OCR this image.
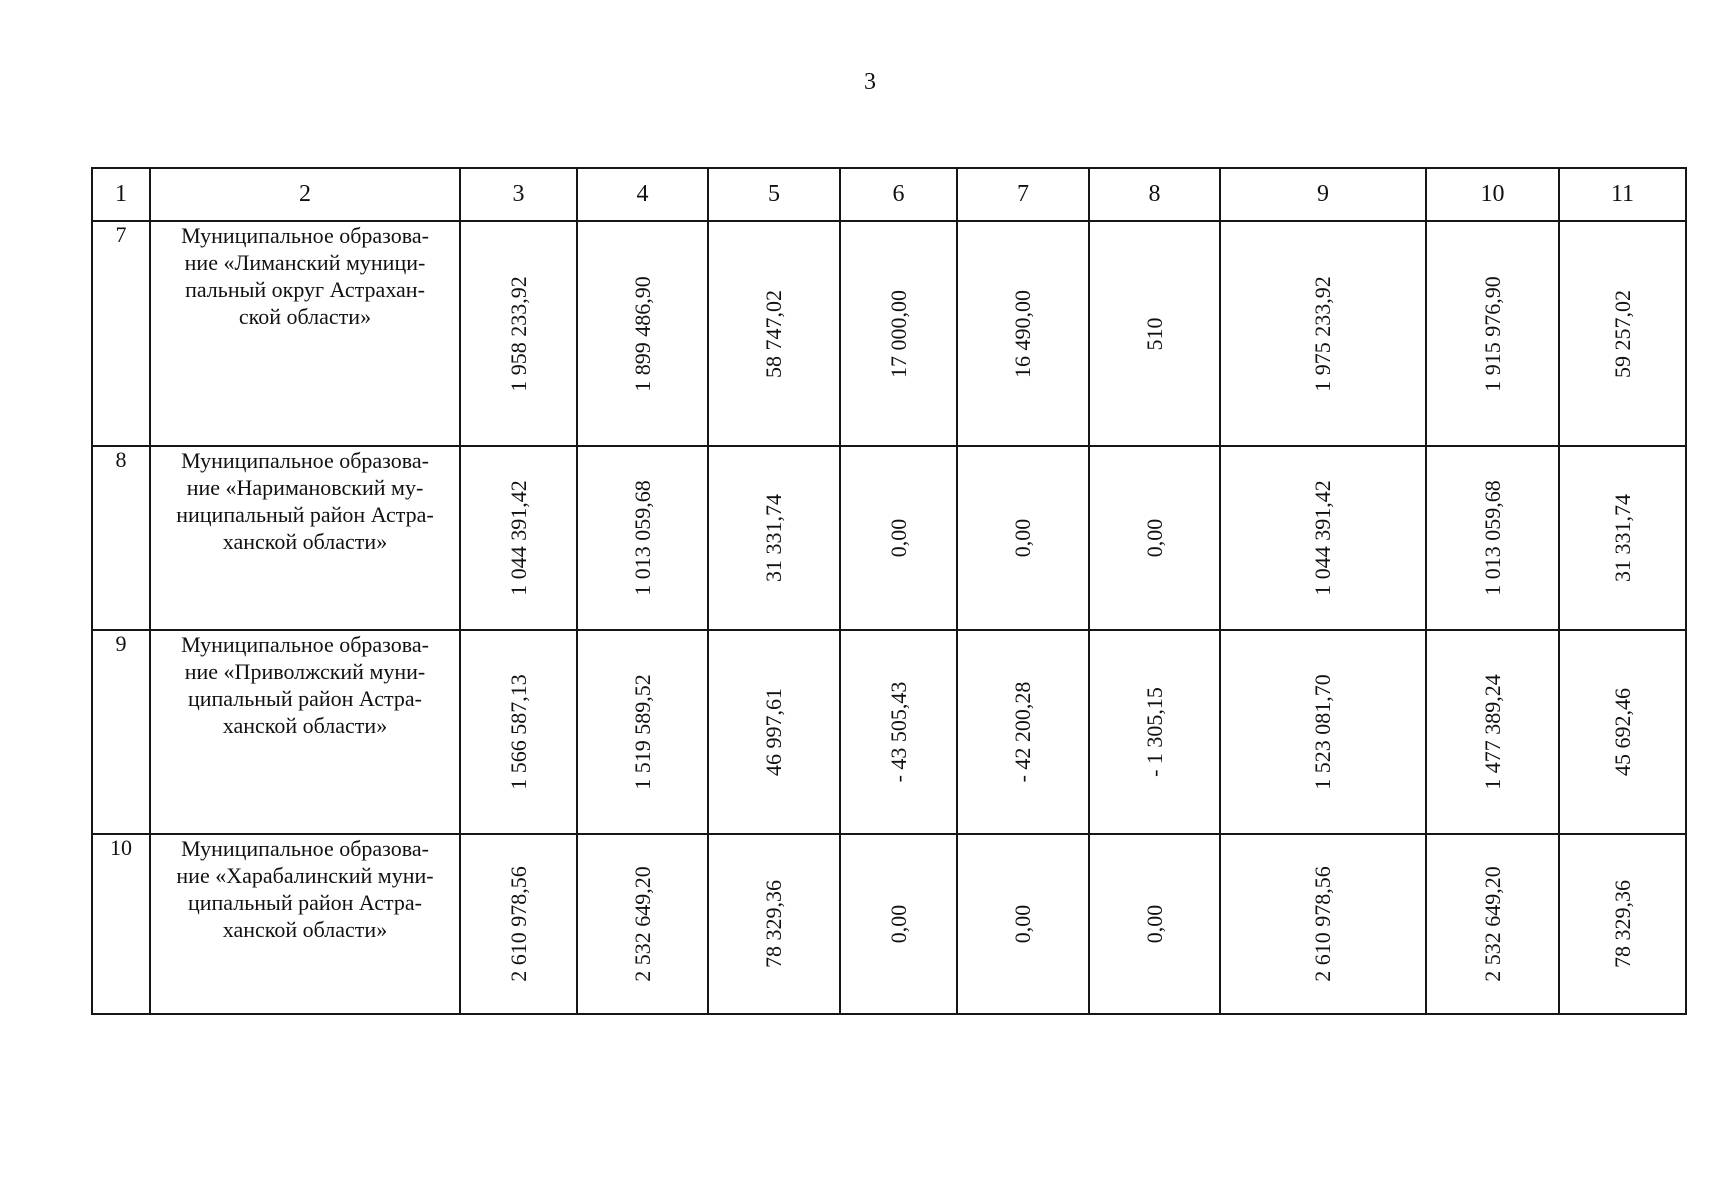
3
1	2	3	4	5	6	7	8	9	10	11
7	Муниципальное образова-
ние «Лиманский муници-
пальный округ Астрахан-
ской области»	1 958 233,92	1 899 486,90	58 747,02	17 000,00	16 490,00	510	1 975 233,92	1 915 976,90	59 257,02

8	Муниципальное образова-
ние «Наримановский му-
ниципальный район Астра-
ханской области»	1 044 391,42	1 013 059,68	31 331,74	0,00	0,00	0,00	1 044 391,42	1 013 059,68	31 331,74

9	Муниципальное образова-
ние «Приволжский муни-
ципальный район Астра-
ханской области»	1 566 587,13	1 519 589,52	46 997,61	- 43 505,43	- 42 200,28	- 1 305,15	1 523 081,70	1 477 389,24	45 692,46

10	Муниципальное образова-
ние «Харабалинский муни-
ципальный район Астра-
ханской области»	2 610 978,56	2 532 649,20	78 329,36	0,00	0,00	0,00	2 610 978,56	2 532 649,20	78 329,36
